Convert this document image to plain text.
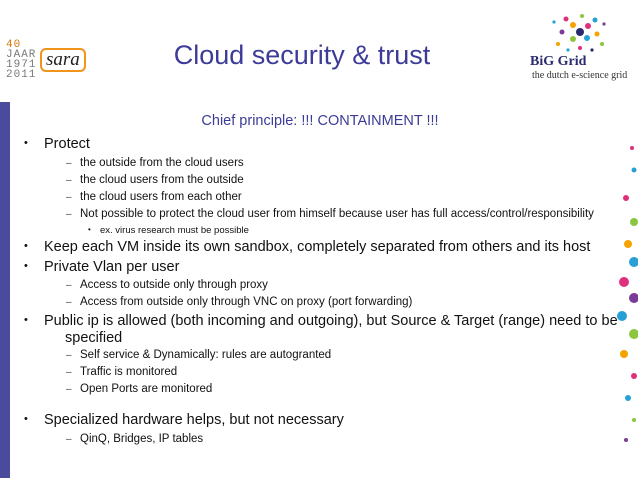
40
JAAR
1971
2011
sara	Cloud security & trust	BiG Grid
the dutch e-science grid
Chief principle: !!! CONTAINMENT !!!
• Protect
– the outside from the cloud users
– the cloud users from the outside
– the cloud users from each other
– Not possible to protect the cloud user from himself because user has full access/control/responsibility
• ex. virus research must be possible
• Keep each VM inside its own sandbox, completely separated from others and its host
• Private Vlan per user
– Access to outside only through proxy
– Access from outside only through VNC on proxy (port forwarding)
• Public ip is allowed (both incoming and outgoing), but Source & Target (range) need to be
specified
– Self service & Dynamically: rules are autogranted
– Traffic is monitored
– Open Ports are monitored
• Specialized hardware helps, but not necessary
– QinQ, Bridges, IP tables
